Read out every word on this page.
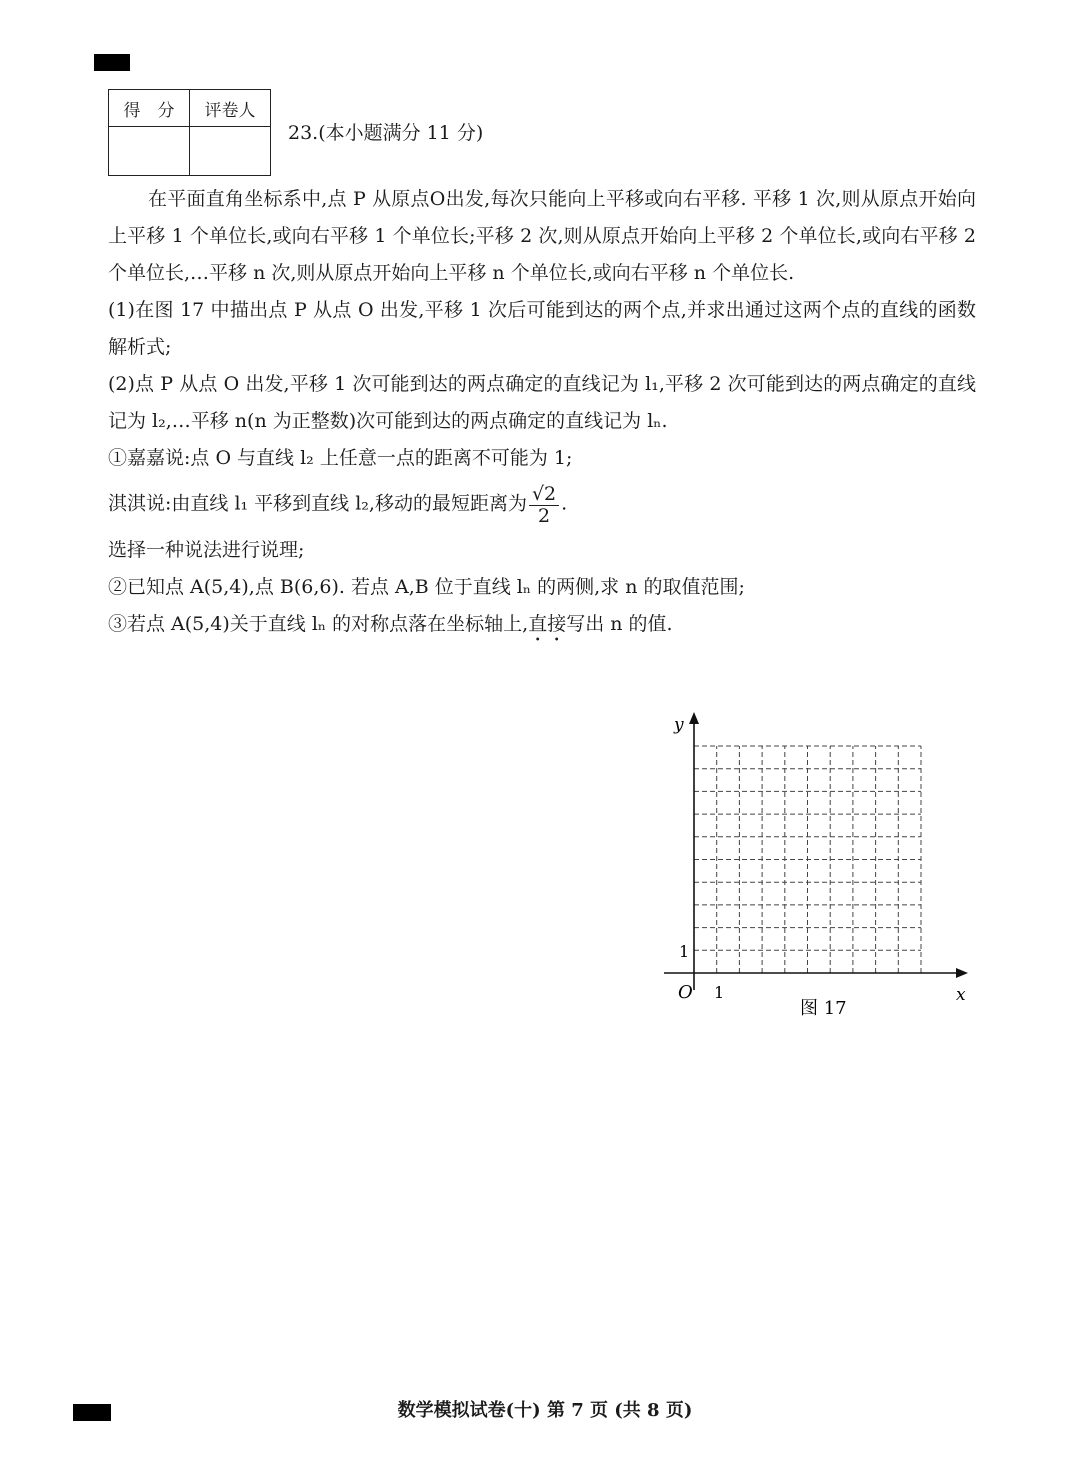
得　分	评卷人

23.(本小题满分 11 分)

在平面直角坐标系中,点 P 从原点O出发,每次只能向上平移或向右平移. 平移 1 次,则从原点开始向上平移 1 个单位长,或向右平移 1 个单位长;平移 2 次,则从原点开始向上平移 2 个单位长,或向右平移 2 个单位长,…平移 n 次,则从原点开始向上平移 n 个单位长,或向右平移 n 个单位长.

(1)在图 17 中描出点 P 从点 O 出发,平移 1 次后可能到达的两个点,并求出通过这两个点的直线的函数解析式;

(2)点 P 从点 O 出发,平移 1 次可能到达的两点确定的直线记为 l₁,平移 2 次可能到达的两点确定的直线记为 l₂,…平移 n(n 为正整数)次可能到达的两点确定的直线记为 lₙ.

①嘉嘉说:点 O 与直线 l₂ 上任意一点的距离不可能为 1;

淇淇说:由直线 l₁ 平移到直线 l₂,移动的最短距离为 $\frac{√2}{2}$ .

选择一种说法进行说理;

②已知点 A(5,4),点 B(6,6). 若点 A,B 位于直线 lₙ 的两侧,求 n 的取值范围;

③若点 A(5,4)关于直线 lₙ 的对称点落在坐标轴上,直接写出 n 的值.

y
x
O 1
1
图 17
数学模拟试卷(十) 第 7 页 (共 8 页)
